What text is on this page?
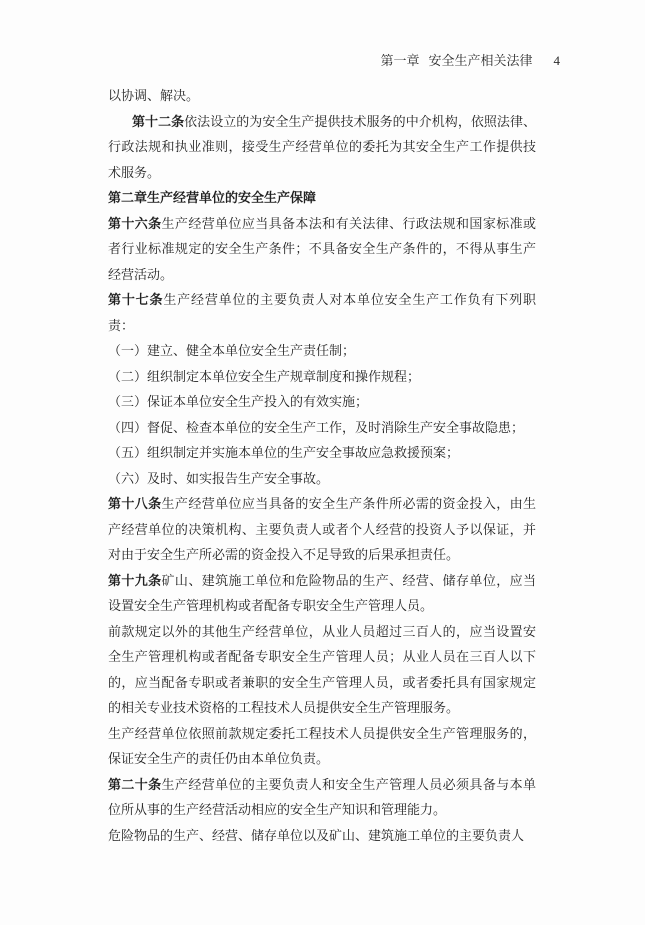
第一章 安全生产相关法律 4

以协调、解决。

第十二条依法设立的为安全生产提供技术服务的中介机构，依照法律、行政法规和执业准则，接受生产经营单位的委托为其安全生产工作提供技术服务。

第二章生产经营单位的安全生产保障

第十六条生产经营单位应当具备本法和有关法律、行政法规和国家标准或者行业标准规定的安全生产条件；不具备安全生产条件的，不得从事生产经营活动。

第十七条生产经营单位的主要负责人对本单位安全生产工作负有下列职责：

（一）建立、健全本单位安全生产责任制；

（二）组织制定本单位安全生产规章制度和操作规程；

（三）保证本单位安全生产投入的有效实施；

（四）督促、检查本单位的安全生产工作，及时消除生产安全事故隐患；

（五）组织制定并实施本单位的生产安全事故应急救援预案；

（六）及时、如实报告生产安全事故。

第十八条生产经营单位应当具备的安全生产条件所必需的资金投入，由生产经营单位的决策机构、主要负责人或者个人经营的投资人予以保证，并对由于安全生产所必需的资金投入不足导致的后果承担责任。

第十九条矿山、建筑施工单位和危险物品的生产、经营、储存单位，应当设置安全生产管理机构或者配备专职安全生产管理人员。

前款规定以外的其他生产经营单位，从业人员超过三百人的，应当设置安全生产管理机构或者配备专职安全生产管理人员；从业人员在三百人以下的，应当配备专职或者兼职的安全生产管理人员，或者委托具有国家规定的相关专业技术资格的工程技术人员提供安全生产管理服务。

生产经营单位依照前款规定委托工程技术人员提供安全生产管理服务的，保证安全生产的责任仍由本单位负责。

第二十条生产经营单位的主要负责人和安全生产管理人员必须具备与本单位所从事的生产经营活动相应的安全生产知识和管理能力。

危险物品的生产、经营、储存单位以及矿山、建筑施工单位的主要负责人
